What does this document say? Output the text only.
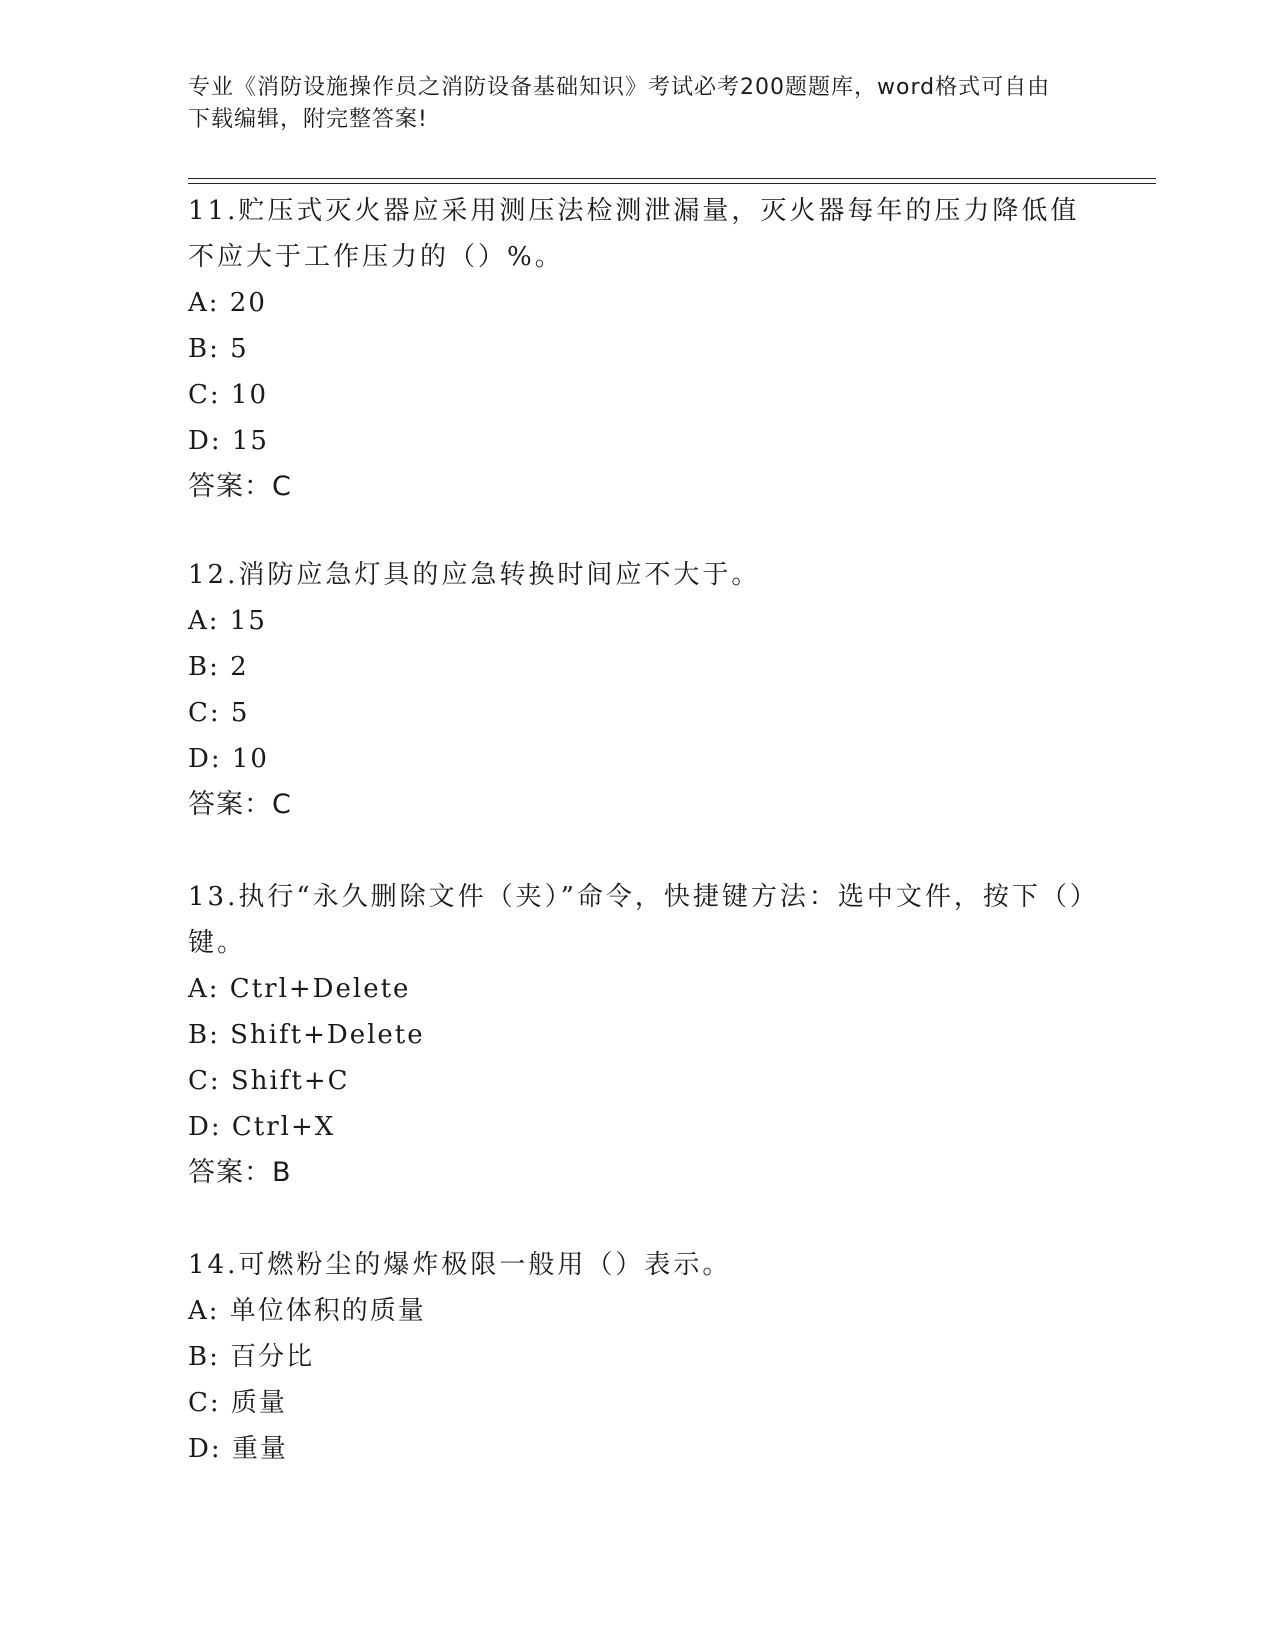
专业《消防设施操作员之消防设备基础知识》考试必考200题题库，word格式可自由下载编辑，附完整答案!

11.贮压式灭火器应采用测压法检测泄漏量，灭火器每年的压力降低值不应大于工作压力的（）%。

A: 20

B: 5

C: 10

D: 15

答案：C

12.消防应急灯具的应急转换时间应不大于。

A: 15

B: 2

C: 5

D: 10

答案：C

13.执行“永久删除文件（夹）”命令，快捷键方法：选中文件，按下（）键。

A: Ctrl+Delete

B: Shift+Delete

C: Shift+C

D: Ctrl+X

答案：B

14.可燃粉尘的爆炸极限一般用（）表示。

A: 单位体积的质量

B: 百分比

C: 质量

D: 重量
